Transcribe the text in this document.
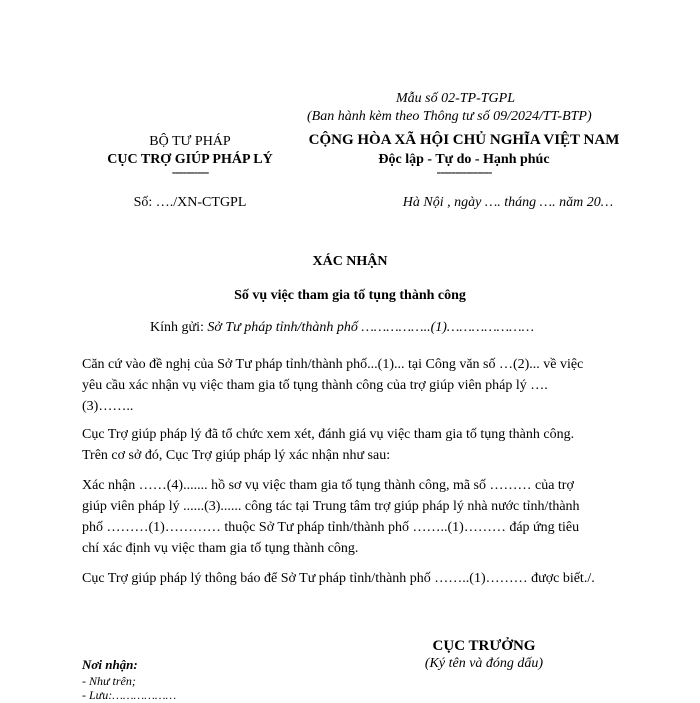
Mẫu số 02-TP-TGPL
(Ban hành kèm theo Thông tư số 09/2024/TT-BTP)
BỘ TƯ PHÁP
CỤC TRỢ GIÚP PHÁP LÝ
----------
Số: …./XN-CTGPL
CỘNG HÒA XÃ HỘI CHỦ NGHĨA VIỆT NAM
Độc lập - Tự do - Hạnh phúc
---------------
Hà Nội , ngày …. tháng …. năm 20…
XÁC NHẬN
Số vụ việc tham gia tố tụng thành công
Kính gửi: Sở Tư pháp tỉnh/thành phố ……………..(1)…………………
Căn cứ vào đề nghị của Sở Tư pháp tỉnh/thành phố...(1)... tại Công văn số …(2)... về việc
yêu cầu xác nhận vụ việc tham gia tố tụng thành công của trợ giúp viên pháp lý ….
(3)……..
Cục Trợ giúp pháp lý đã tổ chức xem xét, đánh giá vụ việc tham gia tố tụng thành công.
Trên cơ sở đó, Cục Trợ giúp pháp lý xác nhận như sau:
Xác nhận ……(4)....... hồ sơ vụ việc tham gia tố tụng thành công, mã số ……… của trợ
giúp viên pháp lý ......(3)...... công tác tại Trung tâm trợ giúp pháp lý nhà nước tỉnh/thành
phố ………(1)………… thuộc Sở Tư pháp tỉnh/thành phố ……..(1)……… đáp ứng tiêu
chí xác định vụ việc tham gia tố tụng thành công.
Cục Trợ giúp pháp lý thông báo để Sở Tư pháp tỉnh/thành phố ……..(1)……… được biết./.
CỤC TRƯỞNG
(Ký tên và đóng dấu)
Nơi nhận:
- Như trên;
- Lưu:………………
